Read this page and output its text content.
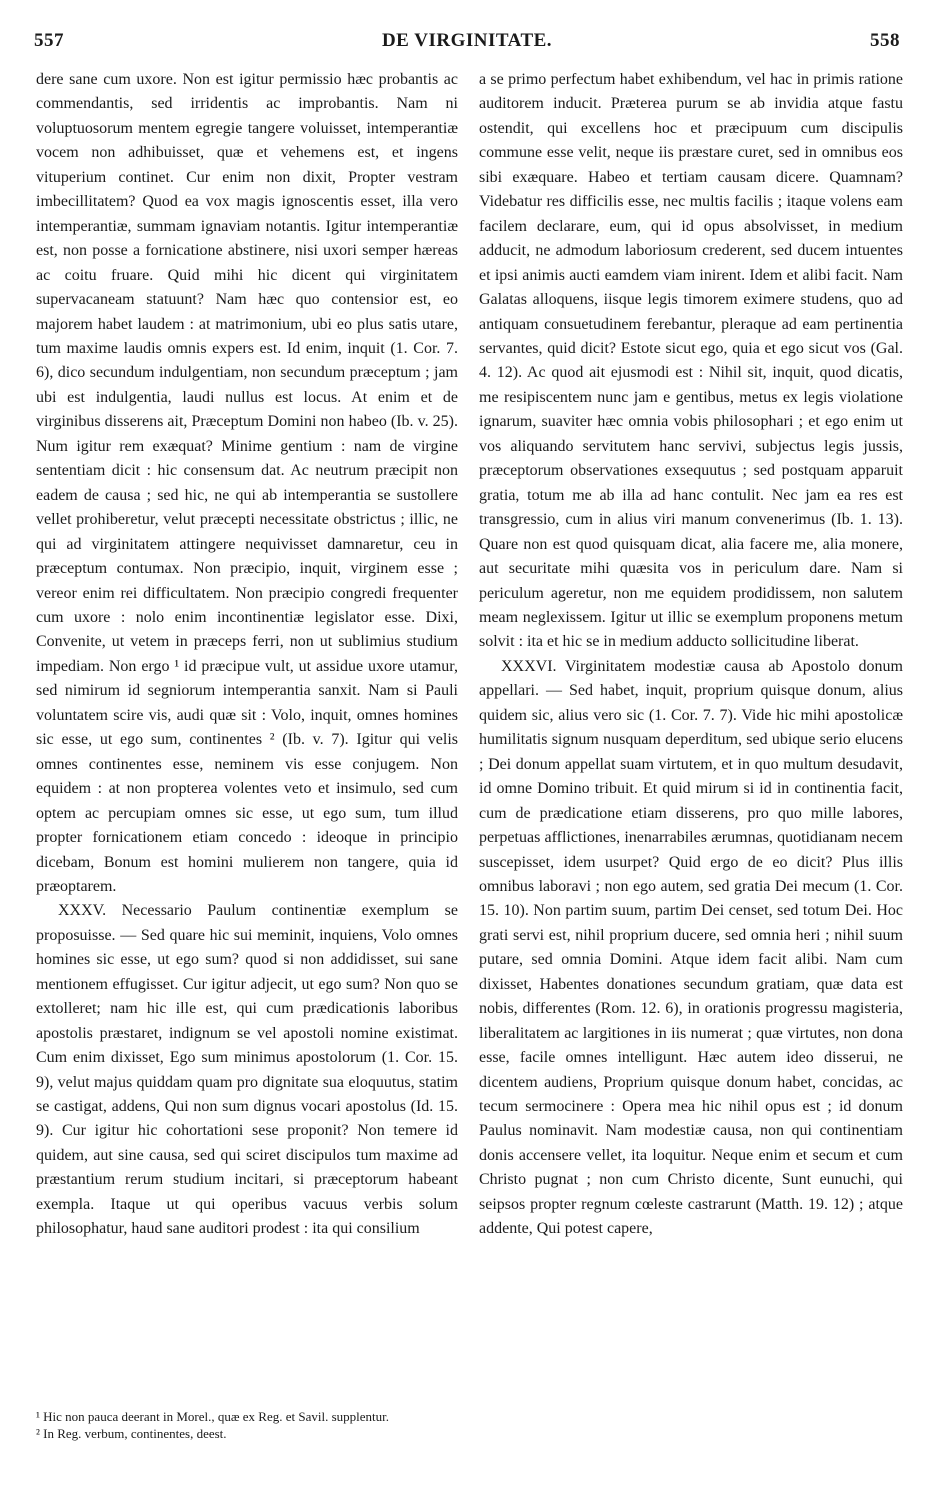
557	DE VIRGINITATE.	558

dere sane cum uxore. Non est igitur permissio hæc probantis ac commendantis, sed irridentis ac improbantis. Nam ni voluptuosorum mentem egregie tangere voluisset, intemperantiæ vocem non adhibuisset, quæ et vehemens est, et ingens vituperium continet. Cur enim non dixit, Propter vestram imbecillitatem? Quod ea vox magis ignoscentis esset, illa vero intemperantiæ, summam ignaviam notantis. Igitur intemperantiæ est, non posse a fornicatione abstinere, nisi uxori semper hæreas ac coitu fruare. Quid mihi hic dicent qui virginitatem supervacaneam statuunt? Nam hæc quo contensior est, eo majorem habet laudem : at matrimonium, ubi eo plus satis utare, tum maxime laudis omnis expers est. Id enim, inquit (1. Cor. 7. 6), dico secundum indulgentiam, non secundum præceptum ; jam ubi est indulgentia, laudi nullus est locus. At enim et de virginibus disserens ait, Præceptum Domini non habeo (Ib. v. 25). Num igitur rem exæquat? Minime gentium : nam de virgine sententiam dicit : hic consensum dat. Ac neutrum præcipit non eadem de causa ; sed hic, ne qui ab intemperantia se sustollere vellet prohiberetur, velut præcepti necessitate obstrictus ; illic, ne qui ad virginitatem attingere nequivisset damnaretur, ceu in præceptum contumax. Non præcipio, inquit, virginem esse ; vereor enim rei difficultatem. Non præcipio congredi frequenter cum uxore : nolo enim incontinentiæ legislator esse. Dixi, Convenite, ut vetem in præceps ferri, non ut sublimius studium impediam. Non ergo ¹ id præcipue vult, ut assidue uxore utamur, sed nimirum id segniorum intemperantia sanxit. Nam si Pauli voluntatem scire vis, audi quæ sit : Volo, inquit, omnes homines sic esse, ut ego sum, continentes ² (Ib. v. 7). Igitur qui velis omnes continentes esse, neminem vis esse conjugem. Non equidem : at non propterea volentes veto et insimulo, sed cum optem ac percupiam omnes sic esse, ut ego sum, tum illud propter fornicationem etiam concedo : ideoque in principio dicebam, Bonum est homini mulierem non tangere, quia id præoptarem.

XXXV. Necessario Paulum continentiæ exemplum se proposuisse. — Sed quare hic sui meminit, inquiens, Volo omnes homines sic esse, ut ego sum? quod si non addidisset, sui sane mentionem effugisset. Cur igitur adjecit, ut ego sum? Non quo se extolleret; nam hic ille est, qui cum prædicationis laboribus apostolis præstaret, indignum se vel apostoli nomine existimat. Cum enim dixisset, Ego sum minimus apostolorum (1. Cor. 15. 9), velut majus quiddam quam pro dignitate sua eloquutus, statim se castigat, addens, Qui non sum dignus vocari apostolus (Id. 15. 9). Cur igitur hic cohortationi sese proponit? Non temere id quidem, aut sine causa, sed qui sciret discipulos tum maxime ad præstantium rerum studium incitari, si præceptorum habeant exempla. Itaque ut qui operibus vacuus verbis solum philosophatur, haud sane auditori prodest : ita qui consilium

a se primo perfectum habet exhibendum, vel hac in primis ratione auditorem inducit. Præterea purum se ab invidia atque fastu ostendit, qui excellens hoc et præcipuum cum discipulis commune esse velit, neque iis præstare curet, sed in omnibus eos sibi exæquare. Habeo et tertiam causam dicere. Quamnam? Videbatur res difficilis esse, nec multis facilis ; itaque volens eam facilem declarare, eum, qui id opus absolvisset, in medium adducit, ne admodum laboriosum crederent, sed ducem intuentes et ipsi animis aucti eamdem viam inirent. Idem et alibi facit. Nam Galatas alloquens, iisque legis timorem eximere studens, quo ad antiquam consuetudinem ferebantur, pleraque ad eam pertinentia servantes, quid dicit? Estote sicut ego, quia et ego sicut vos (Gal. 4. 12). Ac quod ait ejusmodi est : Nihil sit, inquit, quod dicatis, me resipiscentem nunc jam e gentibus, metus ex legis violatione ignarum, suaviter hæc omnia vobis philosophari ; et ego enim ut vos aliquando servitutem hanc servivi, subjectus legis jussis, præceptorum observationes exsequutus ; sed postquam apparuit gratia, totum me ab illa ad hanc contulit. Nec jam ea res est transgressio, cum in alius viri manum convenerimus (Ib. 1. 13). Quare non est quod quisquam dicat, alia facere me, alia monere, aut securitate mihi quæsita vos in periculum dare. Nam si periculum ageretur, non me equidem prodidissem, non salutem meam neglexissem. Igitur ut illic se exemplum proponens metum solvit : ita et hic se in medium adducto sollicitudine liberat.

XXXVI. Virginitatem modestiæ causa ab Apostolo donum appellari. — Sed habet, inquit, proprium quisque donum, alius quidem sic, alius vero sic (1. Cor. 7. 7). Vide hic mihi apostolicæ humilitatis signum nusquam deperditum, sed ubique serio elucens ; Dei donum appellat suam virtutem, et in quo multum desudavit, id omne Domino tribuit. Et quid mirum si id in continentia facit, cum de prædicatione etiam disserens, pro quo mille labores, perpetuas afflictiones, inenarrabiles ærumnas, quotidianam necem suscepisset, idem usurpet? Quid ergo de eo dicit? Plus illis omnibus laboravi ; non ego autem, sed gratia Dei mecum (1. Cor. 15. 10). Non partim suum, partim Dei censet, sed totum Dei. Hoc grati servi est, nihil proprium ducere, sed omnia heri ; nihil suum putare, sed omnia Domini. Atque idem facit alibi. Nam cum dixisset, Habentes donationes secundum gratiam, quæ data est nobis, differentes (Rom. 12. 6), in orationis progressu magisteria, liberalitatem ac largitiones in iis numerat ; quæ virtutes, non dona esse, facile omnes intelligunt. Hæc autem ideo disserui, ne dicentem audiens, Proprium quisque donum habet, concidas, ac tecum sermocinere : Opera mea hic nihil opus est ; id donum Paulus nominavit. Nam modestiæ causa, non qui continentiam donis accensere vellet, ita loquitur. Neque enim et secum et cum Christo pugnat ; non cum Christo dicente, Sunt eunuchi, qui seipsos propter regnum cœleste castrarunt (Matth. 19. 12) ; atque addente, Qui potest capere,

¹ Hic non pauca deerant in Morel., quæ ex Reg. et Savil. supplentur.
² In Reg. verbum, continentes, deest.
